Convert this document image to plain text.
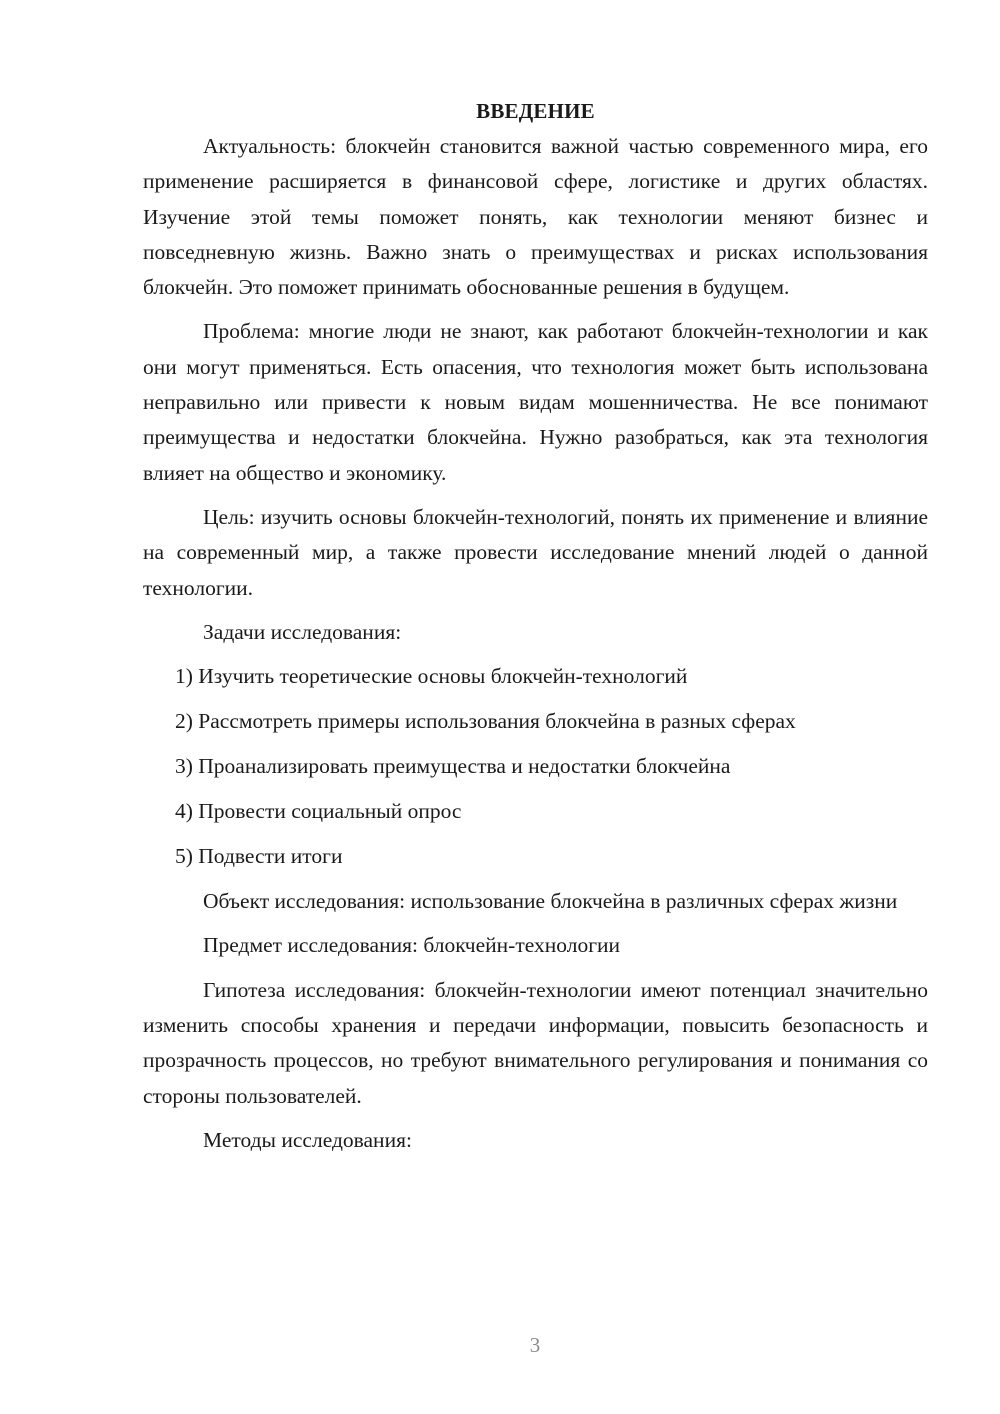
ВВЕДЕНИЕ

Актуальность: блокчейн становится важной частью современного мира, его применение расширяется в финансовой сфере, логистике и других областях. Изучение этой темы поможет понять, как технологии меняют бизнес и повседневную жизнь. Важно знать о преимуществах и рисках использования блокчейн. Это поможет принимать обоснованные решения в будущем.

Проблема: многие люди не знают, как работают блокчейн-технологии и как они могут применяться. Есть опасения, что технология может быть использована неправильно или привести к новым видам мошенничества. Не все понимают преимущества и недостатки блокчейна. Нужно разобраться, как эта технология влияет на общество и экономику.

Цель: изучить основы блокчейн-технологий, понять их применение и влияние на современный мир, а также провести исследование мнений людей о данной технологии.

Задачи исследования:

1) Изучить теоретические основы блокчейн-технологий
2) Рассмотреть примеры использования блокчейна в разных сферах
3) Проанализировать преимущества и недостатки блокчейна
4) Провести социальный опрос
5) Подвести итоги

Объект исследования: использование блокчейна в различных сферах жизни

Предмет исследования: блокчейн-технологии

Гипотеза исследования: блокчейн-технологии имеют потенциал значительно изменить способы хранения и передачи информации, повысить безопасность и прозрачность процессов, но требуют внимательного регулирования и понимания со стороны пользователей.

Методы исследования:

3
